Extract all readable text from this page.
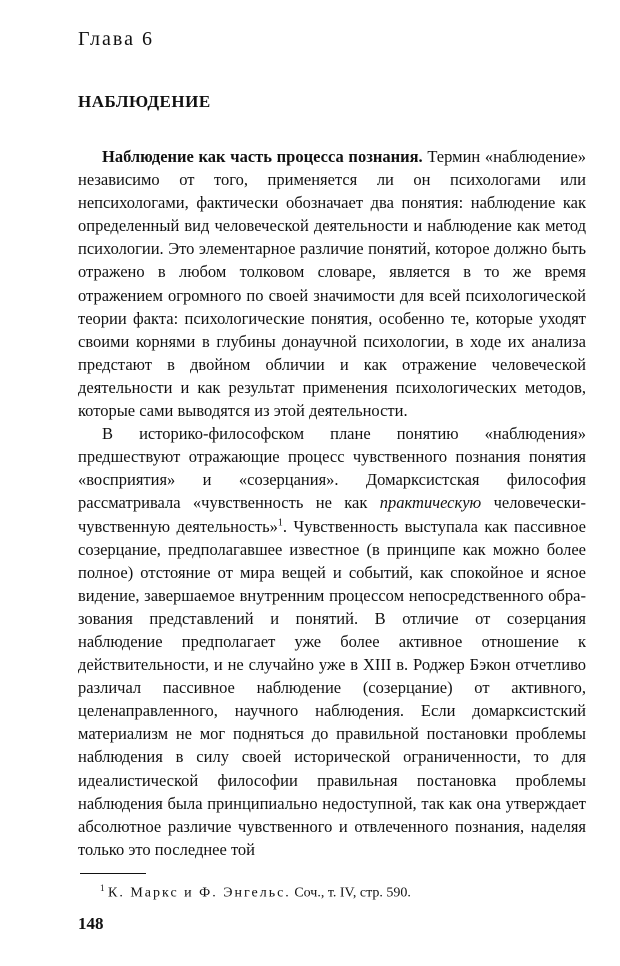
Глава 6
НАБЛЮДЕНИЕ

Наблюдение как часть процесса познания. Термин «наблюдение» независимо от того, применяется ли он психологами или непсихологами, фактически обозначает два понятия: наблюдение как определенный вид человеческой деятельности и наблюдение как метод психологии. Это элементарное различие понятий, которое должно быть отражено в любом толковом словаре, является в то же время отражением огромного по своей значимости для всей психологической теории факта: психологические понятия, особенно те, которые уходят своими корнями в глубины донаучной психологии, в ходе их анализа предстают в двойном обличии и как отражение человеческой деятельности и как результат применения психологических методов, которые сами выводятся из этой деятельности.

В историко-философском плане понятию «наблюдения» предшествуют отражающие процесс чувственного познания понятия «восприятия» и «созерцания». Домарксистская философия рассматривала «чувственность не как практическую человечески-чувственную деятельность»$^1$. Чувственность выступала как пассивное созерцание, предполагавшее известное (в принципе как можно более полное) отстояние от мира вещей и событий, как спокойное и ясное видение, завершаемое внутренним процессом непосредственного образования представлений и понятий. В отличие от созерцания наблюдение предполагает уже более активное отношение к действительности, и не случайно уже в XIII в. Роджер Бэкон отчетливо различал пассивное наблюдение (созерцание) от активного, целенаправленного, научного наблюдения. Если домарксистский материализм не мог подняться до правильной постановки проблемы наблюдения в силу своей исторической ограниченности, то для идеалистической философии правильная постановка проблемы наблюдения была принципиально недоступной, так как она утверждает абсолютное различие чувственного и отвлеченного познания, наделяя только это последнее той

$^1$ К. Маркс и Ф. Энгельс. Соч., т. IV, стр. 590.
148
